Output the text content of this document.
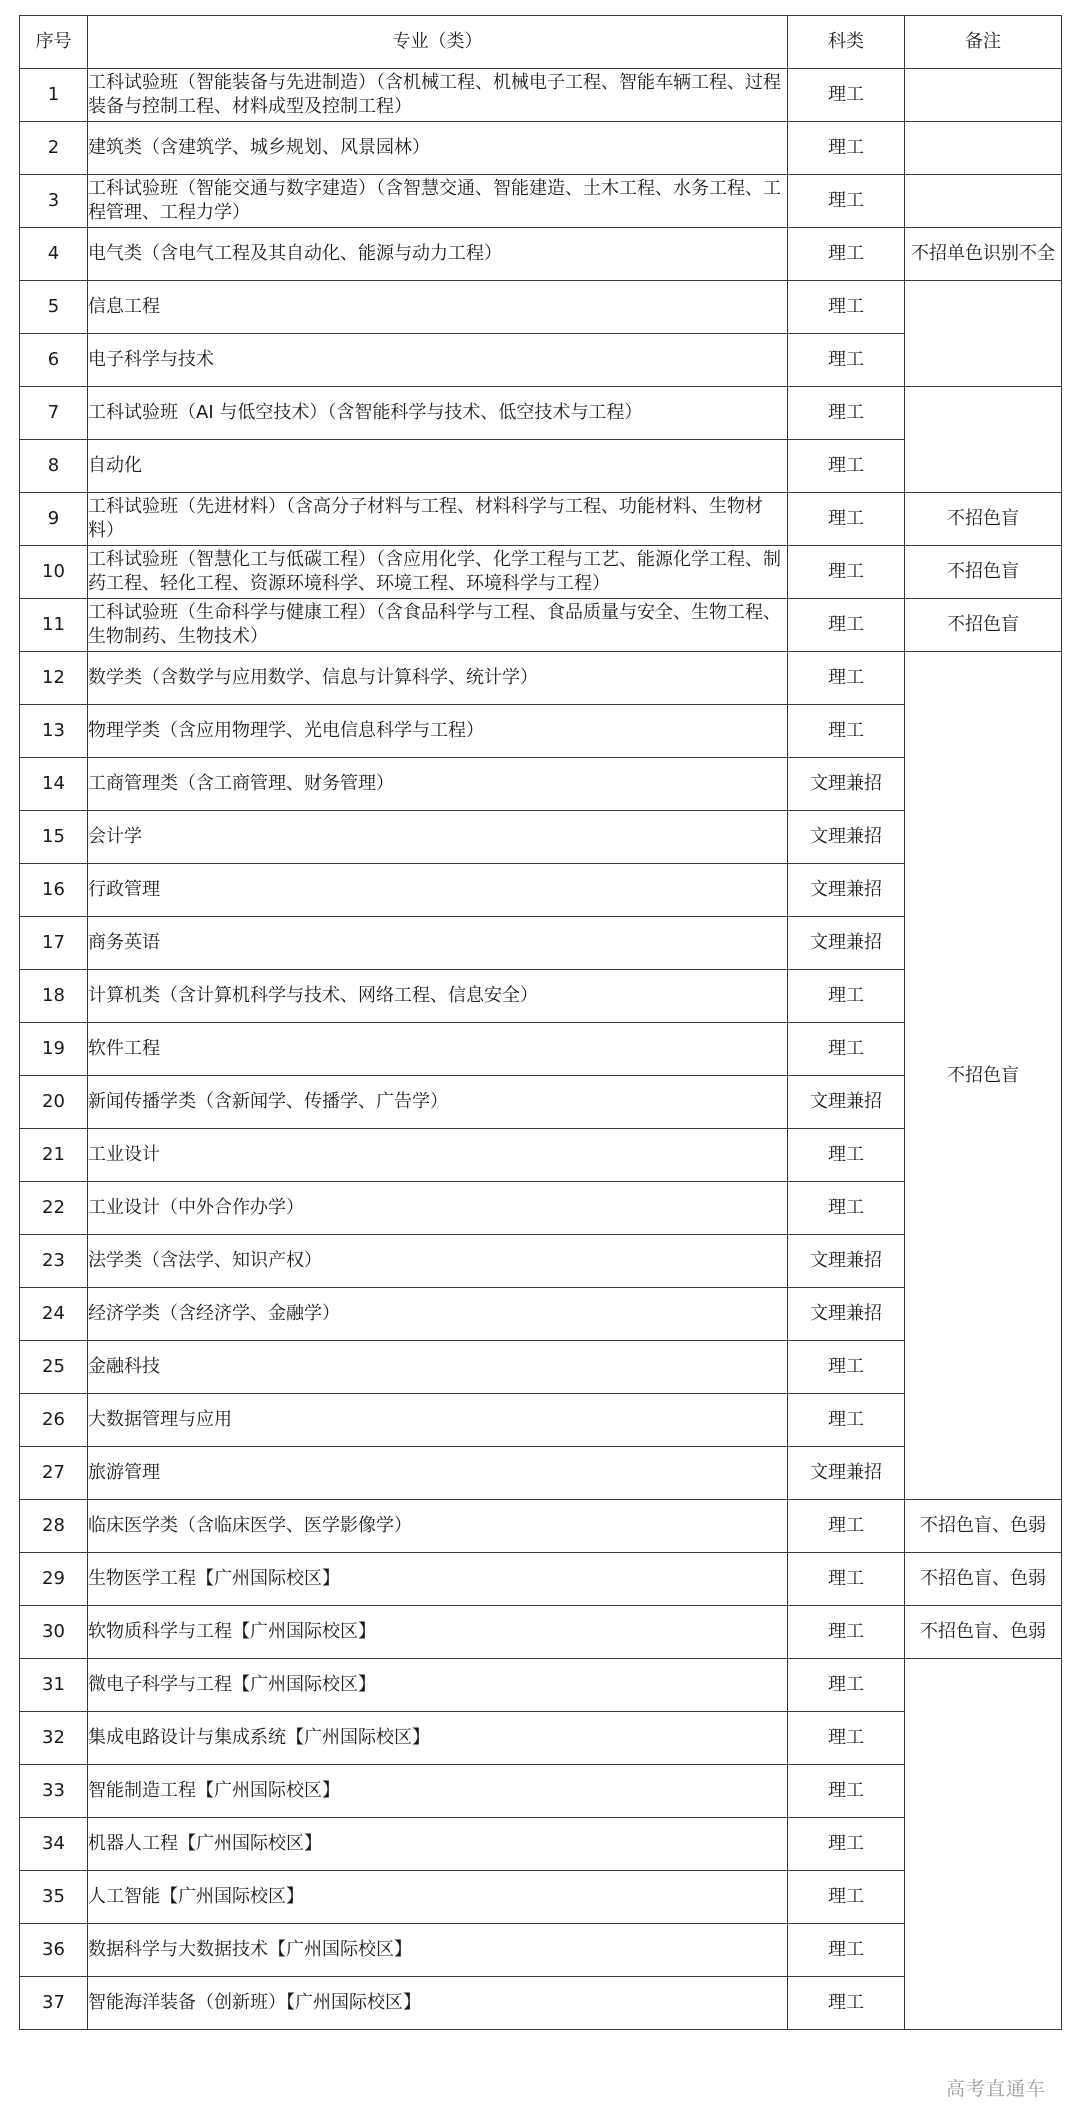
序号	专业（类）	科类	备注
1	工科试验班（智能装备与先进制造）（含机械工程、机械电子工程、智能车辆工程、过程装备与控制工程、材料成型及控制工程）	理工	
2	建筑类（含建筑学、城乡规划、风景园林）	理工	
3	工科试验班（智能交通与数字建造）（含智慧交通、智能建造、土木工程、水务工程、工程管理、工程力学）	理工	
4	电气类（含电气工程及其自动化、能源与动力工程）	理工	不招单色识别不全
5	信息工程	理工	
6	电子科学与技术	理工	
7	工科试验班（AI 与低空技术）（含智能科学与技术、低空技术与工程）	理工	
8	自动化	理工	
9	工科试验班（先进材料）（含高分子材料与工程、材料科学与工程、功能材料、生物材料）	理工	不招色盲
10	工科试验班（智慧化工与低碳工程）（含应用化学、化学工程与工艺、能源化学工程、制药工程、轻化工程、资源环境科学、环境工程、环境科学与工程）	理工	不招色盲
11	工科试验班（生命科学与健康工程）（含食品科学与工程、食品质量与安全、生物工程、生物制药、生物技术）	理工	不招色盲
12	数学类（含数学与应用数学、信息与计算科学、统计学）	理工	不招色盲
13	物理学类（含应用物理学、光电信息科学与工程）	理工	
14	工商管理类（含工商管理、财务管理）	文理兼招	
15	会计学	文理兼招	
16	行政管理	文理兼招	
17	商务英语	文理兼招	
18	计算机类（含计算机科学与技术、网络工程、信息安全）	理工	
19	软件工程	理工	
20	新闻传播学类（含新闻学、传播学、广告学）	文理兼招	
21	工业设计	理工	
22	工业设计（中外合作办学）	理工	
23	法学类（含法学、知识产权）	文理兼招	
24	经济学类（含经济学、金融学）	文理兼招	
25	金融科技	理工	
26	大数据管理与应用	理工	
27	旅游管理	文理兼招	
28	临床医学类（含临床医学、医学影像学）	理工	不招色盲、色弱
29	生物医学工程【广州国际校区】	理工	不招色盲、色弱
30	软物质科学与工程【广州国际校区】	理工	不招色盲、色弱
31	微电子科学与工程【广州国际校区】	理工	
32	集成电路设计与集成系统【广州国际校区】	理工	
33	智能制造工程【广州国际校区】	理工	
34	机器人工程【广州国际校区】	理工	
35	人工智能【广州国际校区】	理工	
36	数据科学与大数据技术【广州国际校区】	理工	
37	智能海洋装备（创新班）【广州国际校区】	理工	
高考直通车
